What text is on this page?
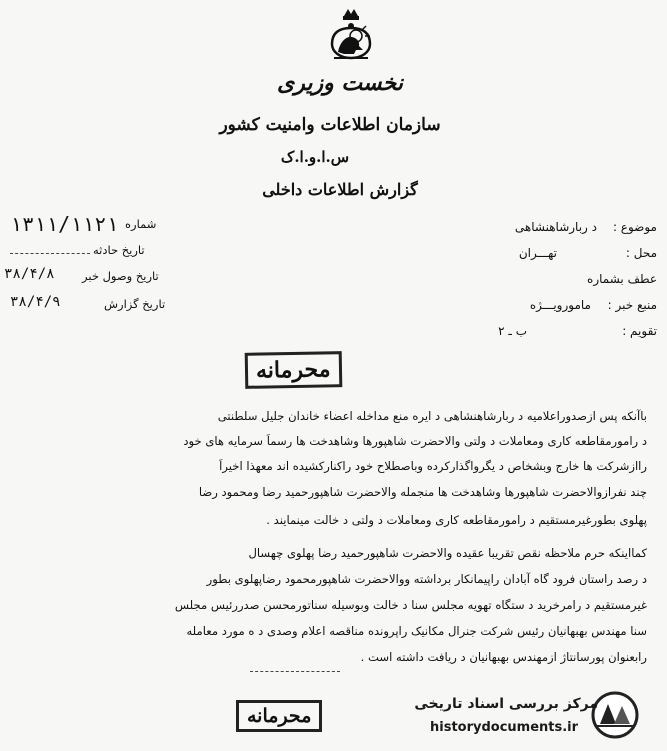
نخست وزیری
سازمان اطلاعات وامنیت کشور
س.ا.و.ا.ک
گزارش اطلاعات داخلی
موضوع :
د ربارشاهنشاهی
محل :
تهـــران
عطف بشماره
منبع خبر :
مامورویـــژه
تقویم :
ب ـ ۲
شماره
۱۳۱۱/۱۱۲۱
تاریخ حادثه
تاریخ وصول خبر
۳۸/۴/۸
تاریخ گزارش
۳۸/۴/۹
محرمانه
باآنکه پس ازصدوراعلامیه د ربارشاهنشاهی د ایره منع مداخله اعضاء خاندان جلیل سلطنتی
د رامورمقاطعه کاری ومعاملات د ولتی والاحضرت شاهپورها وشاهدخت ها رسماً سرمایه های خود
راازشرکت ها خارج وبشخاص د یگرواگذارکرده وباصطلاح خود راکنارکشیده اند معهذا اخیراً
چند نفرازوالاحضرت شاهپورها وشاهدخت ها منجمله والاحضرت شاهپورحمید رضا ومحمود رضا
پهلوی بطورغیرمستقیم د رامورمقاطعه کاری ومعاملات د ولتی د خالت مینمایند .
کمااینکه حرم ملاحظه نقص تقریبا عقیده والاحضرت شاهپورحمید رضا پهلوی چهسال
د رصد راستان فرود گاه آبادان راپیمانکار برداشته ووالاحضرت شاهپورمحمود رضاپهلوی بطور
غیرمستقیم د رامرخرید د ستگاه تهویه مجلس سنا د خالت وبوسیله سناتورمحسن صدررئیس مجلس
سنا مهندس بهبهانیان رئیس شرکت جنرال مکانیک راپرونده مناقصه اعلام وصدی د ه مورد معامله
رابعنوان پورسانتاژ ازمهندس بهبهانیان د ریافت داشته است .
محرمانه
مرکز بررسی اسناد تاریخی
historydocuments.ir
